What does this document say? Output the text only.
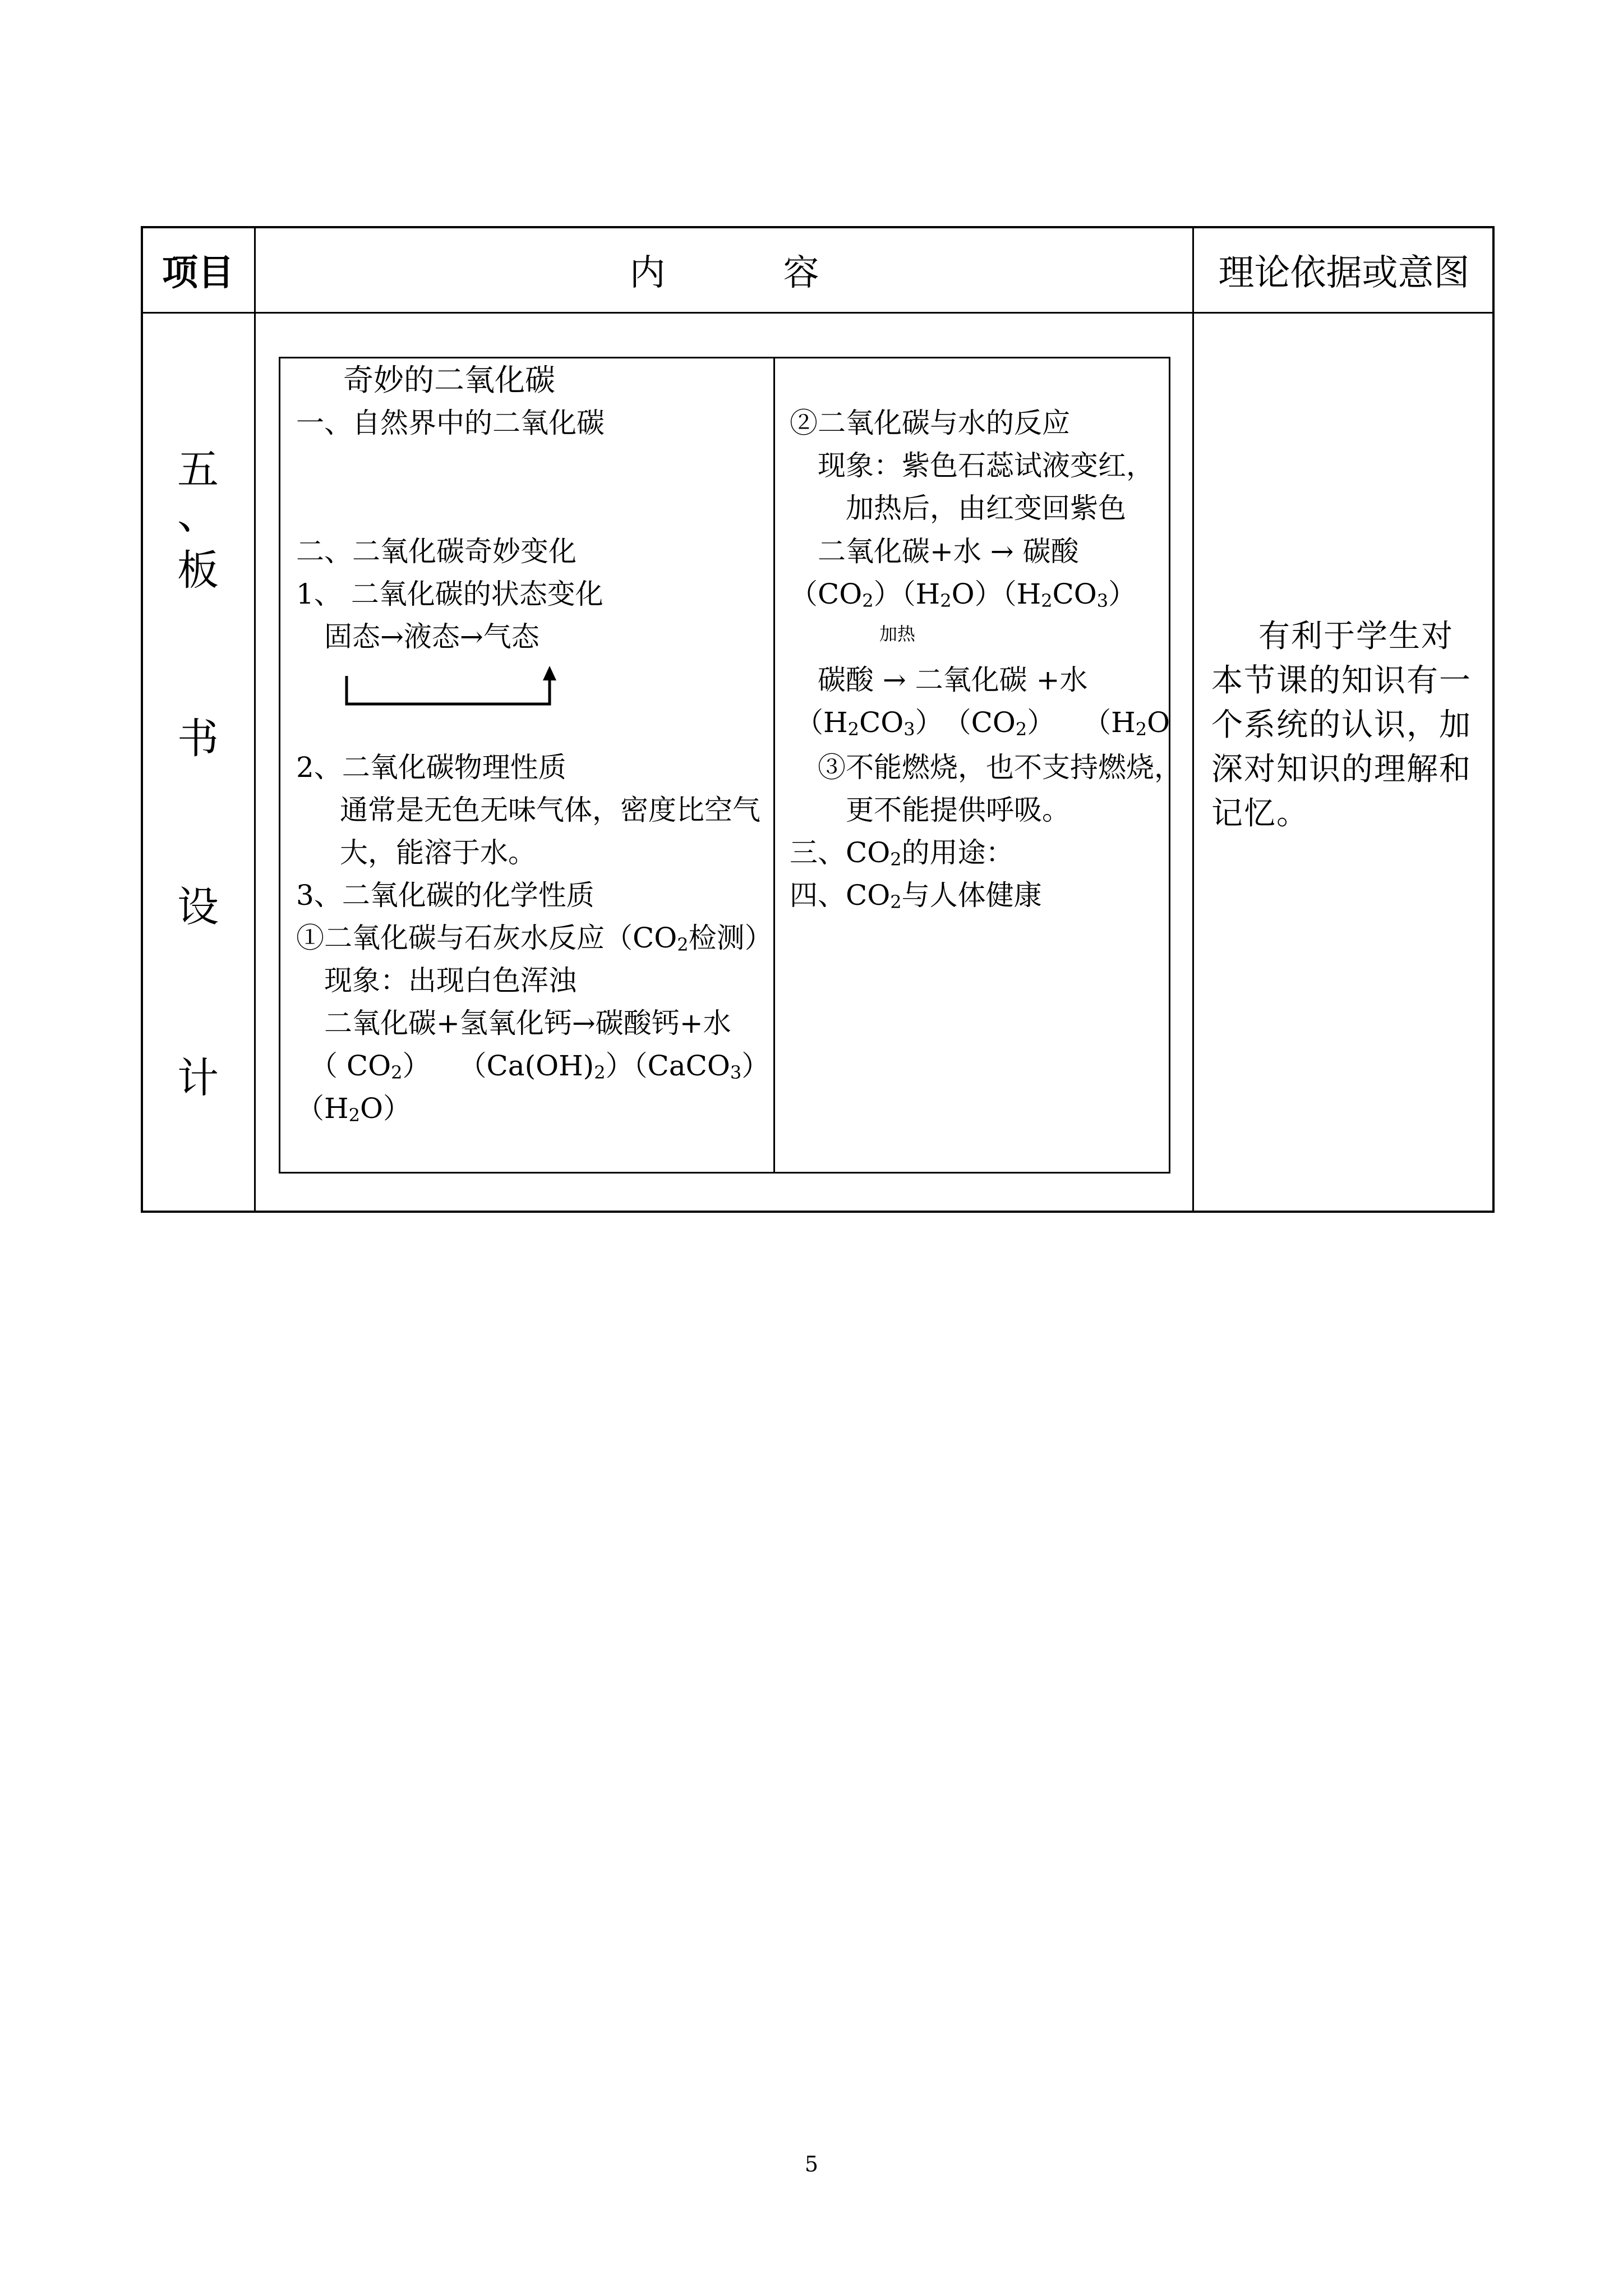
项目	内容	理论依据或意图
五
、
板
书
设
计
奇妙的二氧化碳
一、自然界中的二氧化碳
二、二氧化碳奇妙变化
1、 二氧化碳的状态变化
固态→液态→气态
2、二氧化碳物理性质
通常是无色无味气体，密度比空气
大，能溶于水。
3、二氧化碳的化学性质
①二氧化碳与石灰水反应（$CO_2$检测）
现象：出现白色浑浊
二氧化碳+氢氧化钙→碳酸钙+水
（ $CO_2$）　　$(Ca(OH)_2)(CaCO_3)$
$(H_2O)$
②二氧化碳与水的反应
现象：紫色石蕊试液变红，
加热后，由红变回紫色
二氧化碳+水 → 碳酸
$(CO_2)(H_2O)(H_2CO_3)$
加热
碳酸 → 二氧化碳 +水
$(H_2CO_3)$　$(CO_2)$　　（$H_2O$
③不能燃烧，也不支持燃烧，
更不能提供呼吸。
三、$CO_2$的用途：
四、$CO_2$与人体健康
有利于学生对本节课的知识有一个系统的认识，加深对知识的理解和记忆。
5
